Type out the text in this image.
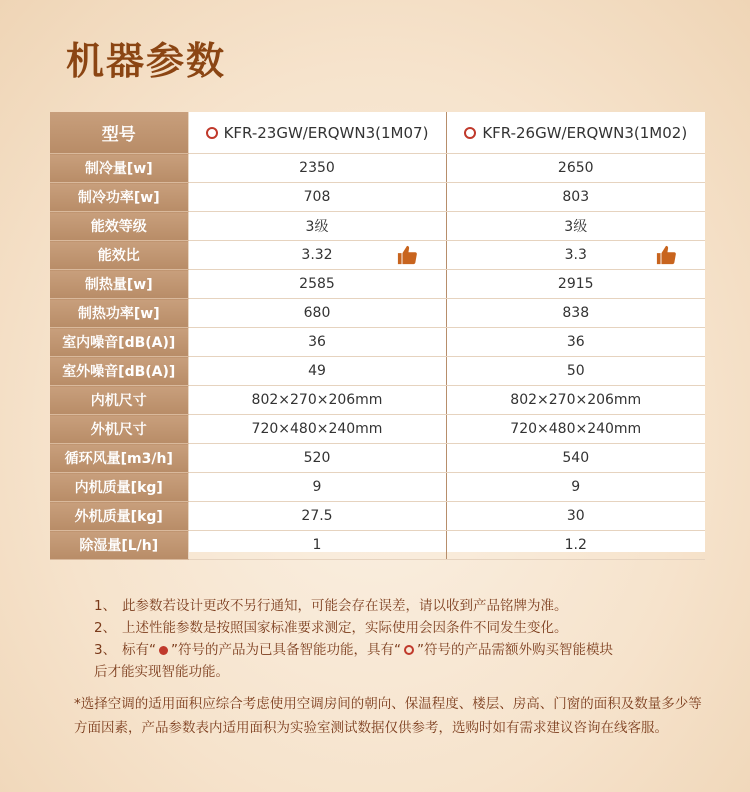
机器参数
型号	KFR-23GW/ERQWN3(1M07)	KFR-26GW/ERQWN3(1M02)
制冷量[w]	2350	2650
制冷功率[w]	708	803
能效等级	3级	3级
能效比	3.32	3.3

制热量[w]	2585	2915
制热功率[w]	680	838
室内噪音[dB(A)]	36	36
室外噪音[dB(A)]	49	50
内机尺寸	802×270×206mm	802×270×206mm
外机尺寸	720×480×240mm	720×480×240mm
循环风量[m3/h]	520	540
内机质量[kg]	9	9
外机质量[kg]	27.5	30
除湿量[L/h]	1	1.2

1、 此参数若设计更改不另行通知，可能会存在误差，请以收到产品铭牌为准。

2、 上述性能参数是按照国家标准要求测定，实际使用会因条件不同发生变化。

3、 标有“ ”符号的产品为已具备智能功能，具有“ ”符号的产品需额外购买智能模块

后才能实现智能功能。

*选择空调的适用面积应综合考虑使用空调房间的朝向、保温程度、楼层、房高、门窗的面积及数量多少等方面因素，产品参数表内适用面积为实验室测试数据仅供参考，选购时如有需求建议咨询在线客服。
